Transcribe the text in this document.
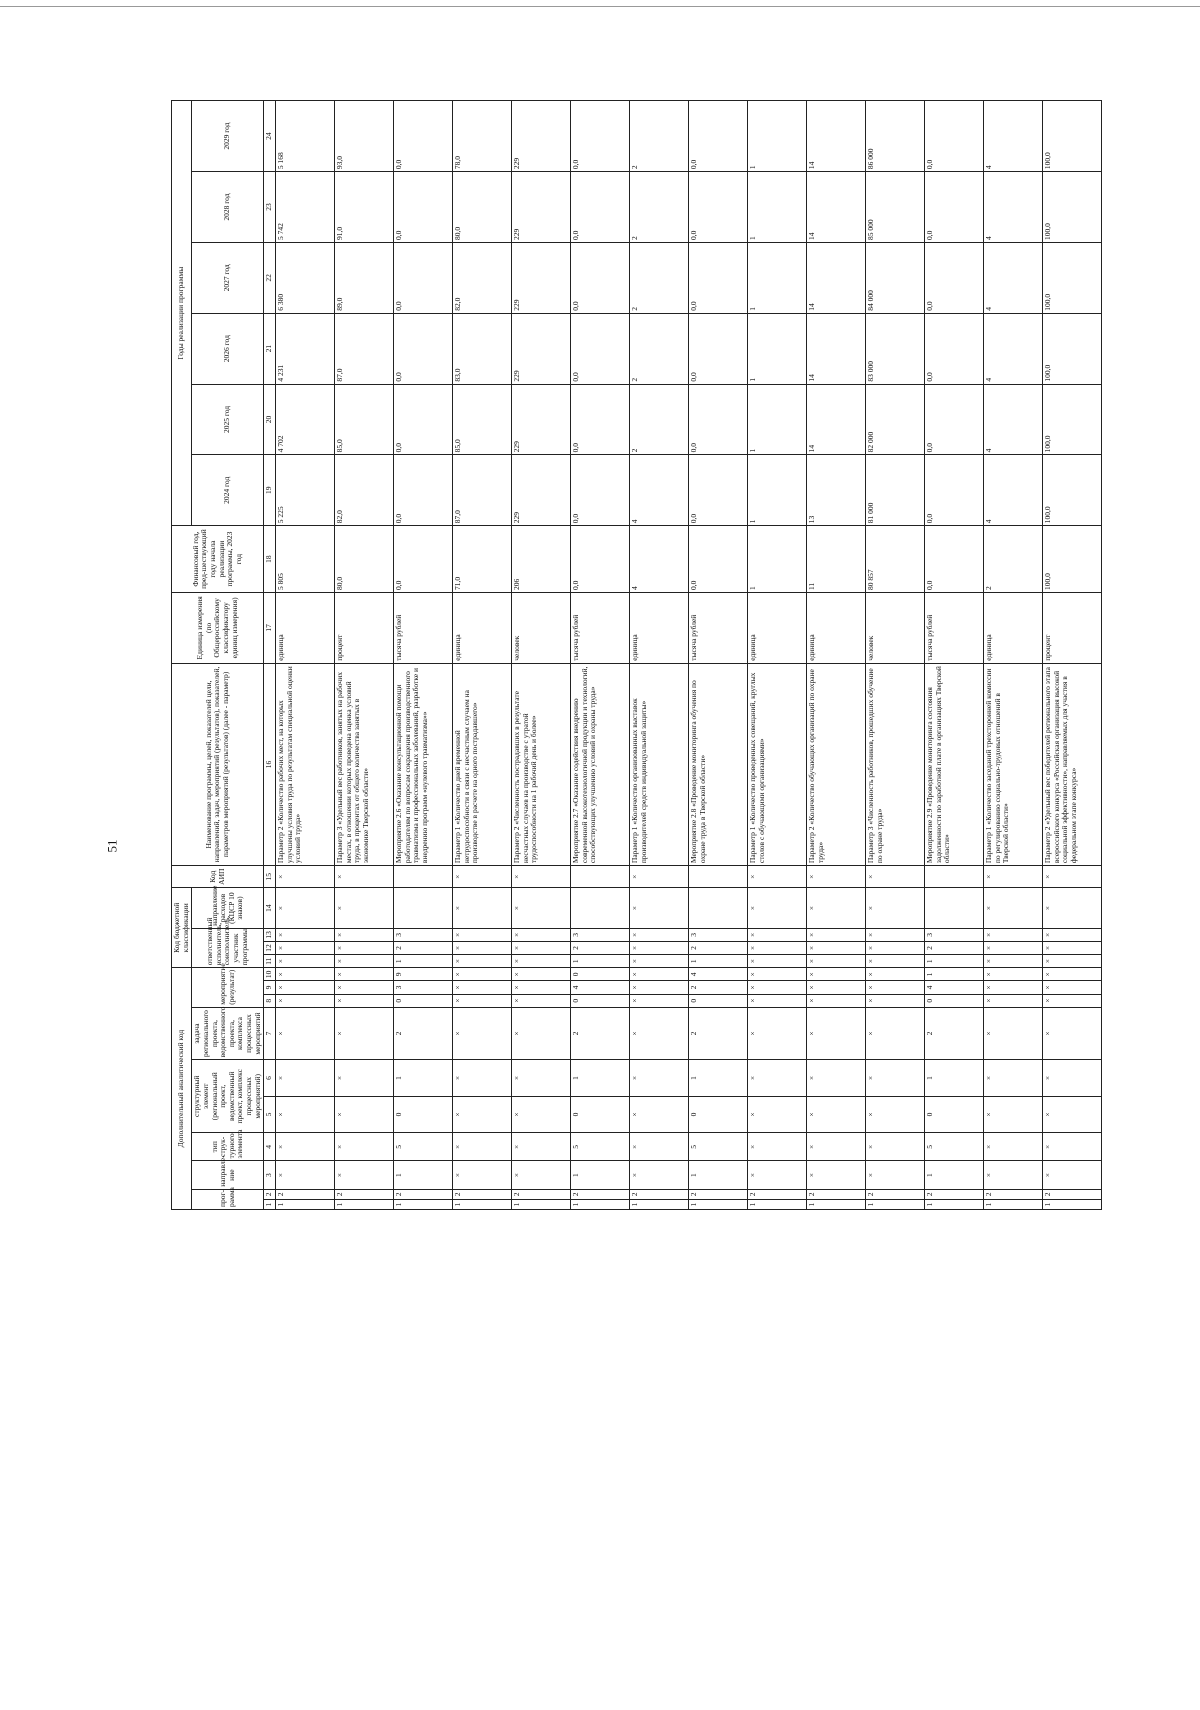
51
Дополнительный аналитический код										Код бюджетной классификации				Код АИП	Наименование программы, целей, показателей цели, направлений, задач, мероприятий (результатов), показателей, параметров мероприятий (результатов) (далее - параметр)	Единица измерения (по Общероссийскому классификатору единиц измерения)	Финансовый год, пред-шествующий году начала реализации программы, 2023 год	Годы реализации программы					
прог-рамма		направле-ние	тип струк-турного элемента	структурный элемент (региональный проект, ведомственный проект, комплекс процессных мероприятий)		задача регионального проекта, ведомственного проекта, комплекса процессных мероприятий	мероприятие (результат)			ответственный исполнитель, соисполнитель, участник программы			направление расходов (КЦСР 10 знаков)					2024 год	2025 год	2026 год	2027 год	2028 год	2029 год
1	2	3	4	5	6	7	8	9	10	11	12	13	14	15	16	17	18	19	20	21	22	23	24
1	2	×	×	×	×	×	×	×	×	×	×	×	×	×	Параметр 2 «Количество рабочих мест, на которых улучшены условия труда по результатам специальной оценки условий труда»	единица	5 805	5 225	4 702	4 231	6 380	5 742	5 168
1	2	×	×	×	×	×	×	×	×	×	×	×	×	×	Параметр 3 «Удельный вес работников, занятых на рабочих местах, в отношении которых проведена оценка условий труда, в процентах от общего количества занятых в экономике Тверской области»	процент	80,0	82,0	85,0	87,0	89,0	91,0	93,0
1	2	1	5	0	1	2	0	3	9	1	2	3			Мероприятие 2.6 «Оказание консультационной помощи работодателям по вопросам сокращения производственного травматизма и профессиональных заболеваний, разработке и внедрению программ «нулевого травматизма»»	тысяча рублей	0,0	0,0	0,0	0,0	0,0	0,0	0,0
1	2	×	×	×	×	×	×	×	×	×	×	×	×	×	Параметр 1 «Количество дней временной нетрудоспособности в связи с несчастным случаем на производстве в расчете на одного пострадавшего»	единица	71,0	87,0	85,0	83,0	82,0	80,0	78,0
1	2	×	×	×	×	×	×	×	×	×	×	×	×	×	Параметр 2 «Численность пострадавших в результате несчастных случаев на производстве с утратой трудоспособности на 1 рабочий день и более»	человек	206	229	229	229	229	229	229
1	2	1	5	0	1	2	0	4	0	1	2	3			Мероприятие 2.7 «Оказание содействия внедрению современной высокотехнологичной продукции и технологий, способствующих улучшению условий и охраны труда»	тысяча рублей	0,0	0,0	0,0	0,0	0,0	0,0	0,0
1	2	×	×	×	×	×	×	×	×	×	×	×	×	×	Параметр 1 «Количество организованных выставок производителей средств индивидуальной защиты»	единица	4	4	2	2	2	2	2
1	2	1	5	0	1	2	0	2	4	1	2	3			Мероприятие 2.8 «Проведение мониторинга обучения по охране труда в Тверской области»	тысяча рублей	0,0	0,0	0,0	0,0	0,0	0,0	0,0
1	2	×	×	×	×	×	×	×	×	×	×	×	×	×	Параметр 1 «Количество проведенных совещаний, круглых столов с обучающими организациями»	единица	1	1	1	1	1	1	1
1	2	×	×	×	×	×	×	×	×	×	×	×	×	×	Параметр 2 «Количество обучающих организаций по охране труда»	единица	11	13	14	14	14	14	14
1	2	×	×	×	×	×	×	×	×	×	×	×	×	×	Параметр 3 «Численность работников, прошедших обучение по охране труда»	человек	80 857	81 000	82 000	83 000	84 000	85 000	86 000
1	2	1	5	0	1	2	0	4	1	1	2	3			Мероприятие 2.9 «Проведение мониторинга состояния задолженности по заработной плате в организациях Тверской области»	тысяча рублей	0,0	0,0	0,0	0,0	0,0	0,0	0,0
1	2	×	×	×	×	×	×	×	×	×	×	×	×	×	Параметр 1 «Количество заседаний трехсторонней комиссии по регулированию социально-трудовых отношений в Тверской области»	единица	2	4	4	4	4	4	4
1	2	×	×	×	×	×	×	×	×	×	×	×	×	×	Параметр 2 «Удельный вес победителей регионального этапа всероссийского конкурса «Российская организация высокой социальной эффективности», направляемых для участия в федеральном этапе конкурса»	процент	100,0	100,0	100,0	100,0	100,0	100,0	100,0
